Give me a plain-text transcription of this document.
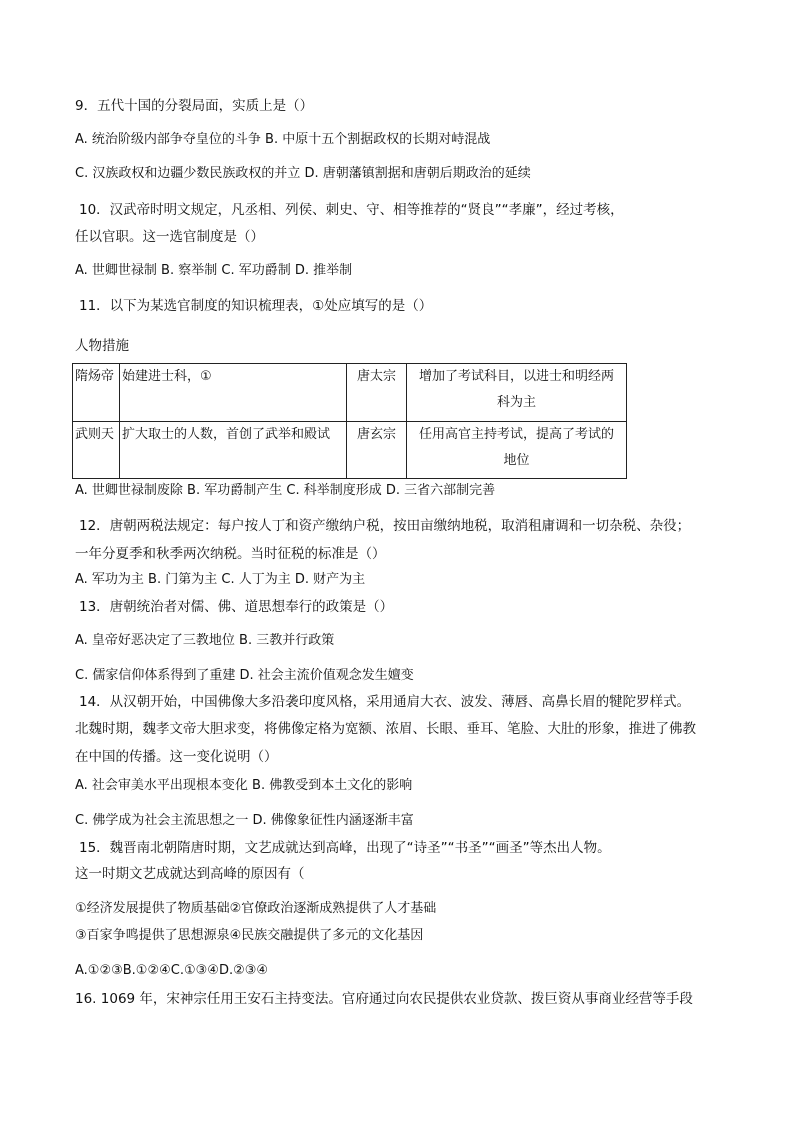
9．五代十国的分裂局面，实质上是（）
A. 统治阶级内部争夺皇位的斗争 B. 中原十五个割据政权的长期对峙混战
C. 汉族政权和边疆少数民族政权的并立 D. 唐朝藩镇割据和唐朝后期政治的延续
10．汉武帝时明文规定，凡丞相、列侯、刺史、守、相等推荐的“贤良”“孝廉”，经过考核，
任以官职。这一选官制度是（）
A. 世卿世禄制 B. 察举制 C. 军功爵制 D. 推举制
11．以下为某选官制度的知识梳理表，①处应填写的是（）
人物措施
隋炀帝	始建进士科，①	唐太宗	增加了考试科目，以进士和明经两
科为主

武则天	扩大取士的人数，首创了武举和殿试	唐玄宗	任用高官主持考试，提高了考试的
地位
A. 世卿世禄制废除 B. 军功爵制产生 C. 科举制度形成 D. 三省六部制完善
12．唐朝两税法规定：每户按人丁和资产缴纳户税，按田亩缴纳地税，取消租庸调和一切杂税、杂役；
一年分夏季和秋季两次纳税。当时征税的标准是（）
A. 军功为主 B. 门第为主 C. 人丁为主 D. 财产为主
13．唐朝统治者对儒、佛、道思想奉行的政策是（）
A. 皇帝好恶决定了三教地位 B. 三教并行政策
C. 儒家信仰体系得到了重建 D. 社会主流价值观念发生嬗变
14．从汉朝开始，中国佛像大多沿袭印度风格，采用通肩大衣、波发、薄唇、高鼻长眉的犍陀罗样式。
北魏时期，魏孝文帝大胆求变，将佛像定格为宽额、浓眉、长眼、垂耳、笔脸、大肚的形象，推进了佛教
在中国的传播。这一变化说明（）
A. 社会审美水平出现根本变化 B. 佛教受到本土文化的影响
C. 佛学成为社会主流思想之一 D. 佛像象征性内涵逐渐丰富
15．魏晋南北朝隋唐时期，文艺成就达到高峰，出现了“诗圣”“书圣”“画圣”等杰出人物。
这一时期文艺成就达到高峰的原因有（
①经济发展提供了物质基础②官僚政治逐渐成熟提供了人才基础
③百家争鸣提供了思想源泉④民族交融提供了多元的文化基因
A.①②③B.①②④C.①③④D.②③④
16. 1069 年，宋神宗任用王安石主持变法。官府通过向农民提供农业贷款、拨巨资从事商业经营等手段
